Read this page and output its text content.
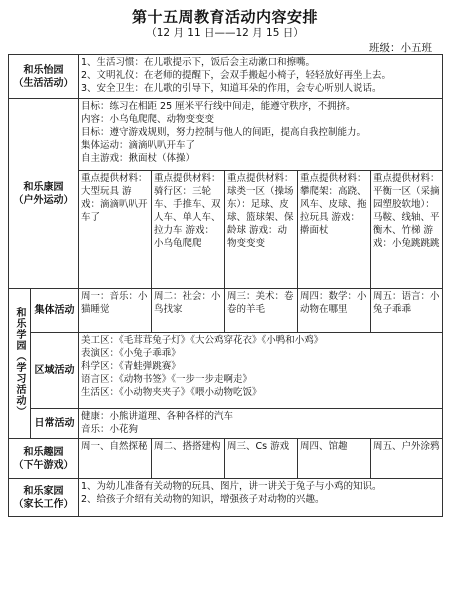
第十五周教育活动内容安排
（12 月 11 日——12 月 15 日）
班级：小五班
和乐怡园
（生活活动）		1、生活习惯：在儿歌提示下，饭后会主动漱口和擦嘴。
2、文明礼仪：在老师的提醒下，会双手搬起小椅子，轻轻放好再坐上去。
3、安全卫生：在儿歌的引导下，知道耳朵的作用，会专心听别人说话。				

和乐康园
（户外运动）		目标：练习在相距 25 厘米平行线中间走，能遵守秩序，不拥挤。
内容：小乌龟爬爬、动物变变变
目标：遵守游戏规则，努力控制与他人的间距，提高自我控制能力。
集体运动：滴滴叭叭开车了
自主游戏：揪面杖（体操）				

		重点提供材料：大型玩具 游戏：滴滴叭叭开车了	重点提供材料：骑行区：三轮车、手推车、双人车、单人车、拉力车 游戏：小乌龟爬爬	重点提供材料：球类一区（操场东）：足球、皮球、篮球架、保龄球 游戏：动物变变变	重点提供材料：攀爬架：高跷、风车、皮球、拖拉玩具 游戏：擀面杖	重点提供材料：平衡一区（采摘园塑胶软地）：马鞍、线轴、平衡木、竹梯 游戏：小兔跳跳跳

和乐学园（学习活动）	集体活动	周一：音乐：小猫睡觉	周二：社会：小鸟找家	周三：美术：卷卷的羊毛	周四：数学：小动物在哪里	周五：语言：小兔子乖乖

	区域活动	美工区：《毛茸茸兔子灯》《大公鸡穿花衣》《小鸭和小鸡》
表演区：《小兔子乖乖》
科学区：《青蛙弹跳赛》
语言区：《动物书签》《一步一步走啊走》
生活区：《小动物夹夹子》《喂小动物吃饭》				

	日常活动	健康：小熊讲道理、各种各样的汽车
音乐：小花狗				

和乐趣园
（下午游戏）		周一、自然探秘	周二、搭搭建构	周三、Cs 游戏	周四、馆趣	周五、户外涂鸦

和乐家园
（家长工作）		1、为幼儿准备有关动物的玩具、图片，讲一讲关于兔子与小鸡的知识。
2、给孩子介绍有关动物的知识，增强孩子对动物的兴趣。				
